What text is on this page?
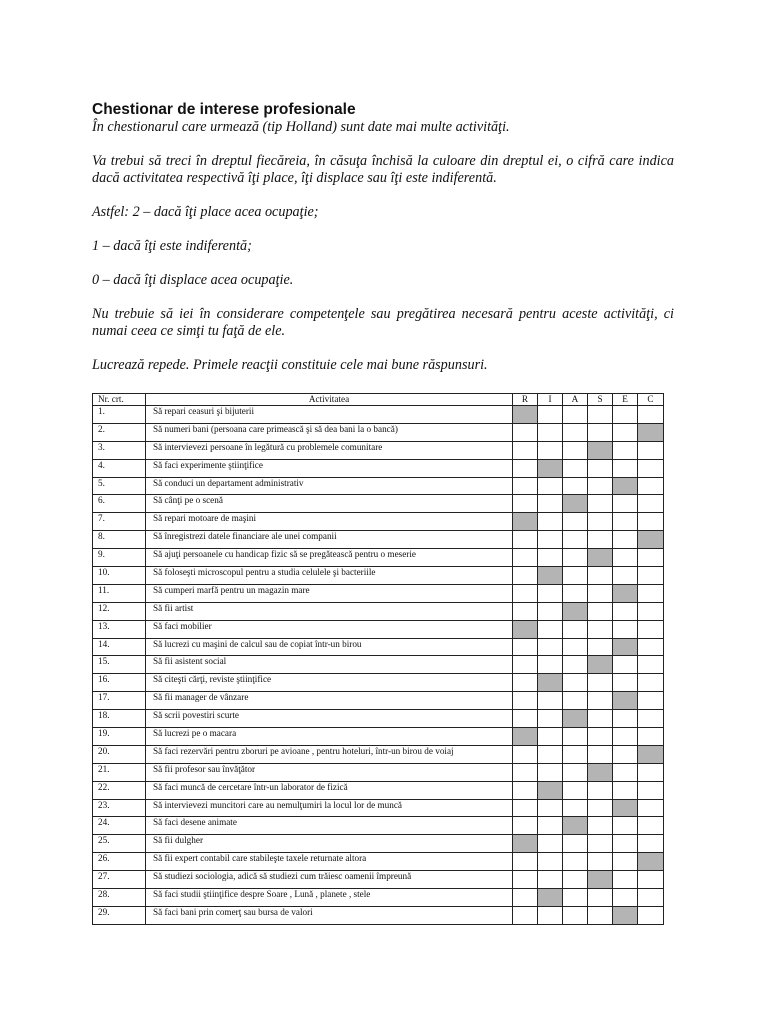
Chestionar de interese profesionale

În chestionarul care urmează (tip Holland) sunt date mai multe activităţi.

Va trebui să treci în dreptul fiecăreia, în căsuţa închisă la culoare din dreptul ei, o cifră care indica dacă activitatea respectivă îţi place, îţi displace sau îţi este indiferentă.

Astfel: 2 – dacă îţi place acea ocupaţie;

1 – dacă îţi este indiferentă;

0 – dacă îţi displace acea ocupaţie.

Nu trebuie să iei în considerare competenţele sau pregătirea necesară pentru aceste activităţi, ci numai ceea ce simţi tu faţă de ele.

Lucrează repede. Primele reacţii constituie cele mai bune răspunsuri.

Nr. crt.	Activitatea	R	I	A	S	E	C
1.	Să repari ceasuri şi bijuterii						
2.	Să numeri bani (persoana care primească şi să dea bani la o bancă)						
3.	Să intervievezi persoane în legătură cu problemele comunitare						
4.	Să faci experimente ştiinţifice						
5.	Să conduci un departament administrativ						
6.	Să cânţi pe o scenă						
7.	Să repari motoare de maşini						
8.	Să înregistrezi datele financiare ale unei companii						
9.	Să ajuţi persoanele cu handicap fizic să se pregătească pentru o meserie						
10.	Să foloseşti microscopul pentru a studia celulele şi bacteriile						
11.	Să cumperi marfă pentru un magazin mare						
12.	Să fii artist						
13.	Să faci mobilier						
14.	Să lucrezi cu maşini de calcul sau de copiat într-un birou						
15.	Să fii asistent social						
16.	Să citeşti cărţi, reviste ştiinţifice						
17.	Să fii manager de vânzare						
18.	Să scrii povestiri scurte						
19.	Să lucrezi pe o macara						
20.	Să faci rezervări pentru zboruri pe avioane , pentru hoteluri, într-un birou de voiaj						
21.	Să fii profesor sau învăţător						
22.	Să faci muncă de cercetare într-un laborator de fizică						
23.	Să intervievezi muncitori care au nemulţumiri la locul lor de muncă						
24.	Să faci desene animate						
25.	Să fii dulgher						
26.	Să fii expert contabil care stabileşte taxele returnate altora						
27.	Să studiezi sociologia, adică să studiezi cum trăiesc oamenii împreună						
28.	Să faci studii ştiinţifice despre Soare , Lună , planete , stele						
29.	Să faci bani prin comerţ sau bursa de valori						
